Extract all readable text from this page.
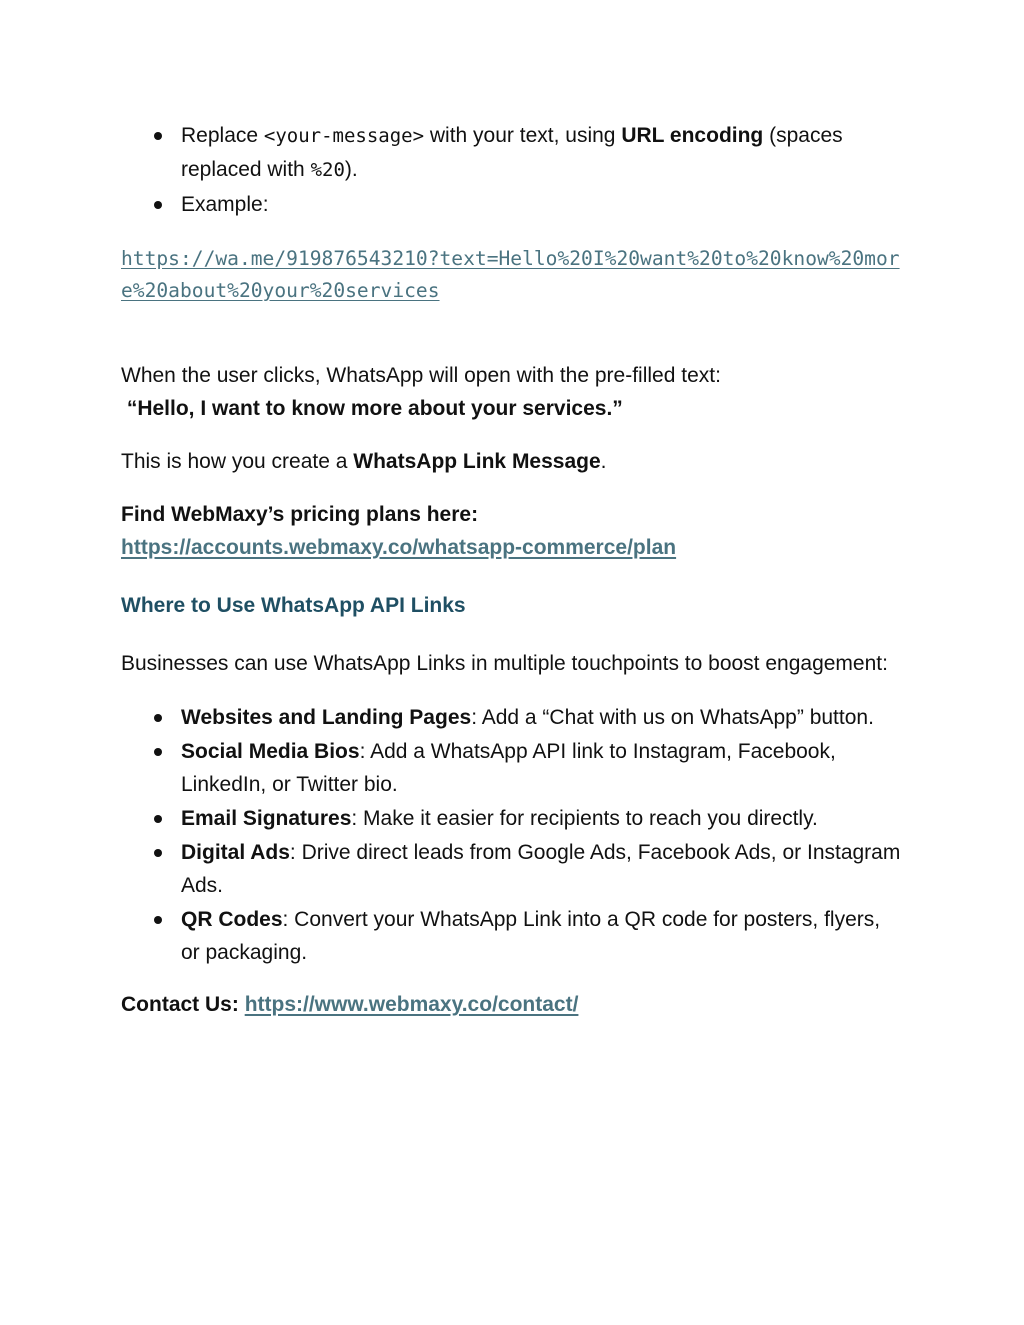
Replace <your-message> with your text, using URL encoding (spaces replaced with %20).
Example:
https://wa.me/919876543210?text=Hello%20I%20want%20to%20know%20more%20about%20your%20services

When the user clicks, WhatsApp will open with the pre-filled text:

“Hello, I want to know more about your services.”

This is how you create a WhatsApp Link Message.

Find WebMaxy’s pricing plans here:

https://accounts.webmaxy.co/whatsapp-commerce/plan

Where to Use WhatsApp API Links

Businesses can use WhatsApp Links in multiple touchpoints to boost engagement:

Websites and Landing Pages: Add a “Chat with us on WhatsApp” button.
Social Media Bios: Add a WhatsApp API link to Instagram, Facebook, LinkedIn, or Twitter bio.
Email Signatures: Make it easier for recipients to reach you directly.
Digital Ads: Drive direct leads from Google Ads, Facebook Ads, or Instagram Ads.
QR Codes: Convert your WhatsApp Link into a QR code for posters, flyers, or packaging.

Contact Us: https://www.webmaxy.co/contact/
